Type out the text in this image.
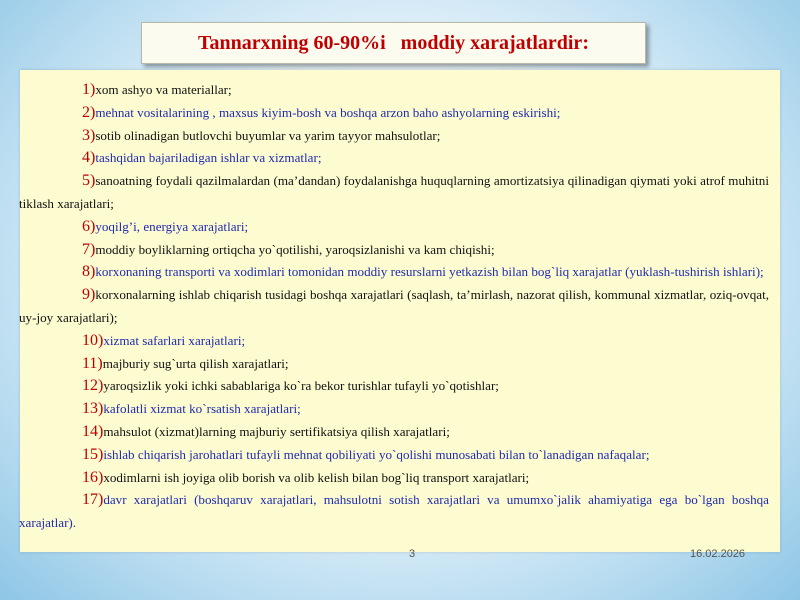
Tannarxning 60-90%i   moddiy xarajatlardir:
1)xom ashyo va materiallar;
2)mehnat vositalarining , maxsus kiyim-bosh va boshqa arzon baho ashyolarning eskirishi;
3)sotib olinadigan butlovchi buyumlar va yarim tayyor mahsulotlar;
4)tashqidan bajariladigan ishlar va xizmatlar;
5)sanoatning foydali qazilmalardan (ma’dandan) foydalanishga huquqlarning amortizatsiya qilinadigan qiymati yoki atrof muhitni tiklash xarajatlari;
6)yoqilg’i, energiya xarajatlari;
7)moddiy boyliklarning ortiqcha yo`qotilishi, yaroqsizlanishi va kam chiqishi;
8)korxonaning transporti va xodimlari tomonidan moddiy resurslarni yetkazish bilan bog`liq xarajatlar (yuklash-tushirish ishlari);
9)korxonalarning ishlab chiqarish tusidagi boshqa xarajatlari (saqlash, ta’mirlash, nazorat qilish, kommunal xizmatlar, oziq-ovqat, uy-joy xarajatlari);
10)xizmat safarlari xarajatlari;
11)majburiy sug`urta qilish xarajatlari;
12)yaroqsizlik yoki ichki sabablariga ko`ra bekor turishlar tufayli yo`qotishlar;
13)kafolatli xizmat ko`rsatish xarajatlari;
14)mahsulot (xizmat)larning majburiy sertifikatsiya qilish xarajatlari;
15)ishlab chiqarish jarohatlari tufayli mehnat qobiliyati yo`qolishi munosabati bilan to`lanadigan nafaqalar;
16)xodimlarni ish joyiga olib borish va olib kelish bilan bog`liq transport xarajatlari;
17)davr xarajatlari (boshqaruv xarajatlari, mahsulotni sotish xarajatlari va umumxo`jalik ahamiyatiga ega bo`lgan boshqa xarajatlar).
3	16.02.2026
